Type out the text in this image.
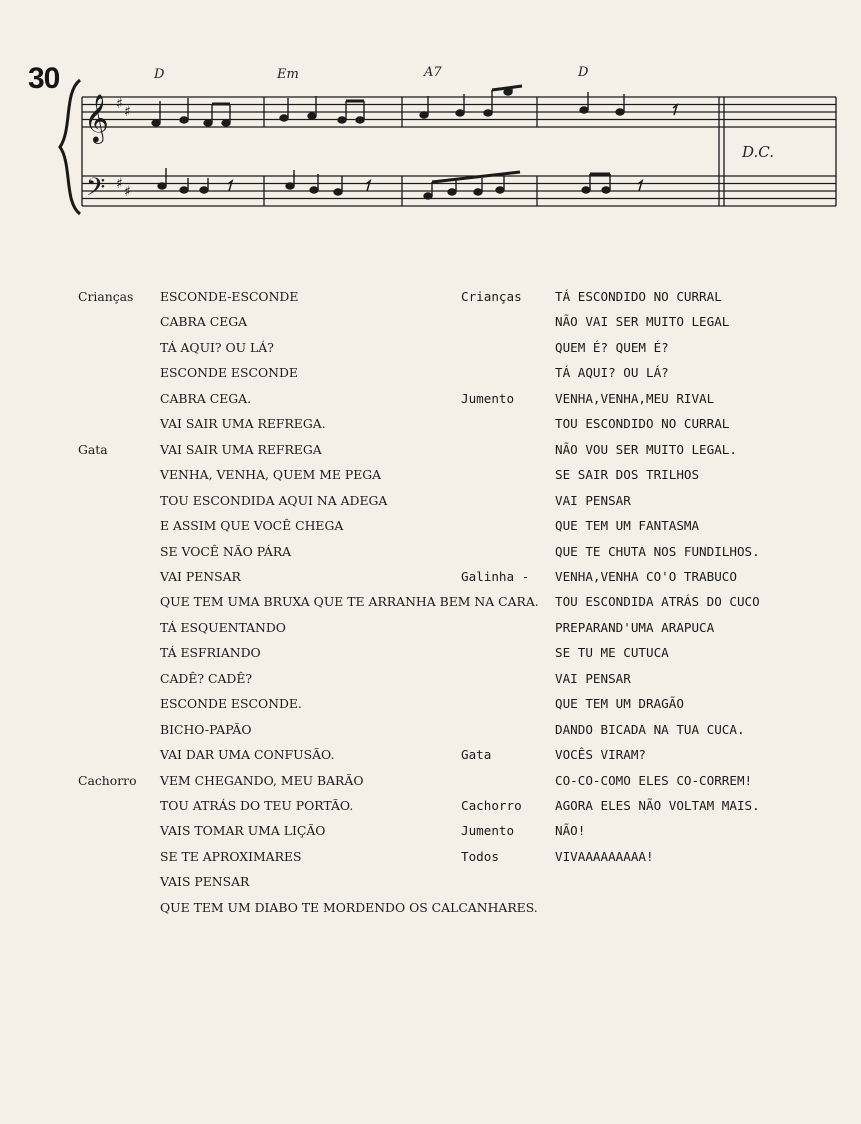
30
𝄞
𝄢
♯ ♯
♯ ♯
D	Em	A7	D
D.C.
Crianças ESCONDE-ESCONDE
CABRA CEGA
TÁ AQUI? OU LÁ?
ESCONDE ESCONDE
CABRA CEGA.
VAI SAIR UMA REFREGA.
Gata	VAI SAIR UMA REFREGA
VENHA, VENHA, QUEM ME PEGA
TOU ESCONDIDA AQUI NA ADEGA
E ASSIM QUE VOCÊ CHEGA
SE VOCÊ NÃO PÁRA
VAI PENSAR
QUE TEM UMA BRUXA QUE TE ARRANHA BEM NA CARA.
TÁ ESQUENTANDO
TÁ ESFRIANDO
CADÊ? CADÊ?
ESCONDE ESCONDE.
BICHO-PAPÃO
VAI DAR UMA CONFUSÃO.
Cachorro VEM CHEGANDO, MEU BARÃO
TOU ATRÁS DO TEU PORTÃO.
VAIS TOMAR UMA LIÇÃO
SE TE APROXIMARES
VAIS PENSAR
QUE TEM UM DIABO TE MORDENDO OS CALCANHARES.
Crianças	TÁ ESCONDIDO NO CURRAL
NÃO VAI SER MUITO LEGAL
QUEM É? QUEM É?
TÁ AQUI? OU LÁ?
Jumento	VENHA,VENHA,MEU RIVAL
TOU ESCONDIDO NO CURRAL
NÃO VOU SER MUITO LEGAL.
SE SAIR DOS TRILHOS
VAI PENSAR
QUE TEM UM FANTASMA
QUE TE CHUTA NOS FUNDILHOS.
Galinha - VENHA,VENHA CO'O TRABUCO
TOU ESCONDIDA ATRÁS DO CUCO
PREPARAND'UMA ARAPUCA
SE TU ME CUTUCA
VAI PENSAR
QUE TEM UM DRAGÃO
DANDO BICADA NA TUA CUCA.
Gata	VOCÊS VIRAM?
CO-CO-COMO ELES CO-CORREM!
Cachorro	AGORA ELES NÃO VOLTAM MAIS.
Jumento	NÃO!
Todos	VIVAAAAAAAAA!
